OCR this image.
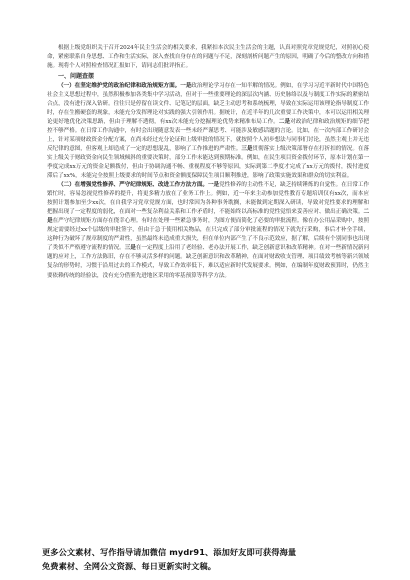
根据上级党组织关于召开2024年民主生活会的相关要求，我紧扣本次民主生活会的主题，认真对照党章党规党纪，对照初心使命，紧密联系自身思想、工作和生活实际，深入查找自身存在的问题与不足，深刻剖析问题产生的原因，明确了今后的整改方向和措施。现将个人对照检查情况汇报如下，请同志们批评指正。

一、问题查摆

（一）在坚定维护党的政治纪律和政治规矩方面。一是政治理论学习存在一知半解的情况。例如，在学习习近平新时代中国特色社会主义思想过程中，虽然积极参加各类集中学习活动，但对于一些重要理论的深层次内涵、历史脉络以及与制度工作实际的紧密结合点，没有进行深入钻研。往往只是停留在读文件、记笔记的层面，缺乏主动思考和系统梳理，导致在实际运用该理论指导制度工作时，存在生搬硬套的现象，未能充分发挥理论对实践的强大引领作用。据统计，在近半年的几次重要工作决策中，本可以运用相关理论更好地优化决策思路，但由于理解不透彻，有xx次未能充分挖掘理论优势来精准布局工作。二是对政治纪律和政治规矩的细节把控不够严格。在日常工作沟通中，有时会出现随意发表一些未经严谨思考、可能涉及敏感话题的言论。比如，在一次内部工作研讨会上，针对某项财政资金分配方案，在尚未经过充分论证和上级审批的情况下，就按照个人初步想法与同事们讨论，虽然主观上并无违反纪律的意图，但客观上却造成了一定的思想混乱，影响了工作推进的严肃性。三是贯彻落实上级决策部署存在打折扣的情况。在落实上级关于财政资金向民生领域倾斜的重要决策时，部分工作未能达到预期标准。例如，在民生项目资金拨付环节，原本计划在第一季度完成xx万元的资金足额拨付，但由于协调沟通不畅、重视程度不够等原因，实际到第二季度才完成了xx万元的拨付，拨付进度滞后了xx%，未能完全按照上级要求的时间节点和资金额度保障民生项目顺利推进，影响了政策实施效果和群众的切实利益。

（二）在增强党性修养、严守纪律规矩、改进工作方法方面。一是党性修养的主动性不足，缺乏持续锤炼的自觉性。在日常工作繁忙时，容易忽视党性修养的提升，将更多精力放在了业务工作上。例如，近一年来主动参加党性教育专题培训仅有xx次，而本应按照计划参加至少xx次，在自我学习党章党规方面，也时常因为各种事务耽搁，未能做到定期深入研读，导致对党性要求的理解和把握出现了一定程度的弱化，在面对一些复杂利益关系和工作矛盾时，不能始终以高标准的党性觉悟来妥善应对、做出正确决策。二是在严守纪律规矩方面存在侥幸心理。有时在处理一些紧急事务时，为图方便而简化了必要的审批流程。像在办公用品采购中，按照规定需要经过xx个层级的审批签字，但由于急于使用相关物品，在只完成了部分审批流程的情况下就先行采购，事后才补全手续，这种行为破坏了规章制度的严肃性，虽然最终未造成重大损失，但在单位内部产生了不良示范效应，据了解，后续有个别同事也出现了类似不严格遵守流程的情况。三是在一定程度上沿用了老经验、老办法开展工作，缺乏创新意识和改革精神。在对一些新情况新问题的应对上，工作方法陈旧，存在不够灵活多样的问题。缺乏创新意识和改革精神，在面对财政收支管理、项目绩效考核等新兴领域复杂的形势时，习惯于沿用过去的工作模式，导致工作效率低下，难以适应新时代发展要求。例如，在编制年度财政预算时，仍然主要依赖传统的经验法，没有充分借鉴先进地区采用的零基预算等科学方法。

更多公文素材、写作指导请加微信 mydr91、添加好友即可获得海量
免费素材、全网公文资源、每日更新实时文稿。
